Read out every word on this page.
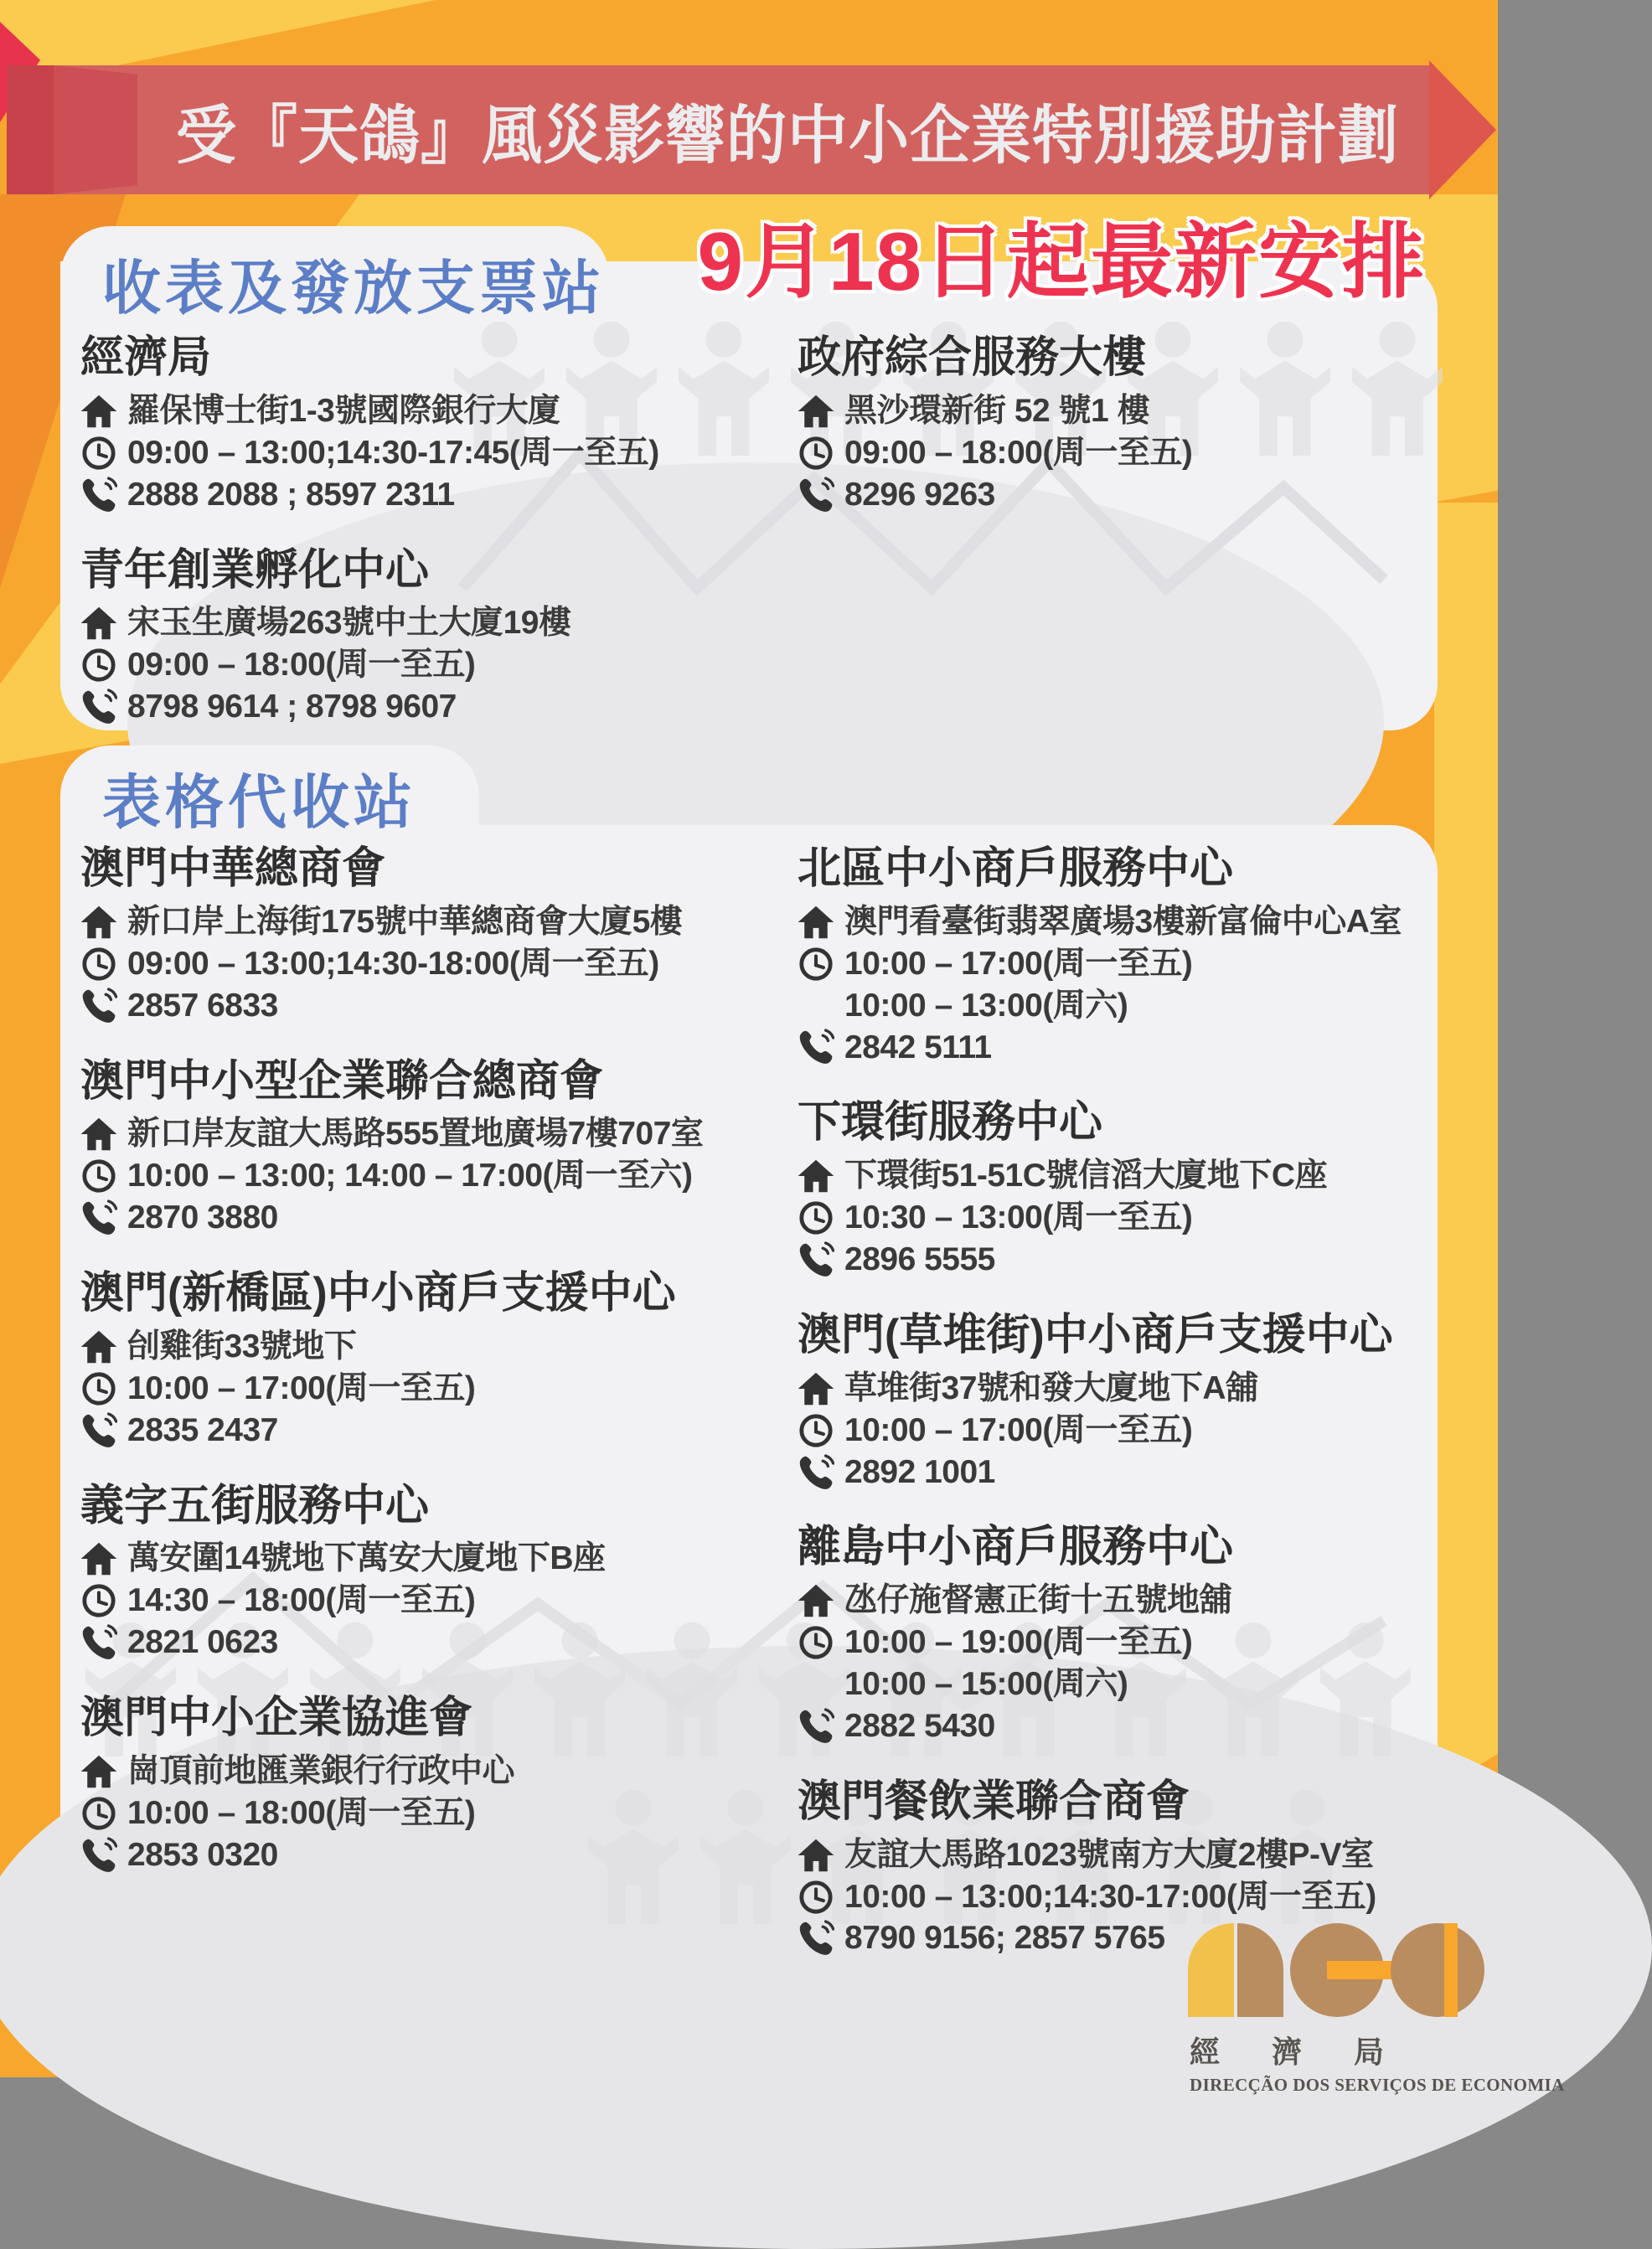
受『天鴿』風災影響的中小企業特別援助計劃
9月18日起最新安排
收表及發放支票站
表格代收站
經濟局
羅保博士街1-3號國際銀行大廈
09:00 – 13:00;14:30-17:45(周一至五)
2888 2088 ; 8597 2311
青年創業孵化中心
宋玉生廣場263號中土大廈19樓
09:00 – 18:00(周一至五)
8798 9614 ; 8798 9607
政府綜合服務大樓
黑沙環新街 52 號1 樓
09:00 – 18:00(周一至五)
8296 9263
澳門中華總商會
新口岸上海街175號中華總商會大廈5樓
09:00 – 13:00;14:30-18:00(周一至五)
2857 6833
澳門中小型企業聯合總商會
新口岸友誼大馬路555置地廣場7樓707室
10:00 – 13:00; 14:00 – 17:00(周一至六)
2870 3880
澳門(新橋區)中小商戶支援中心
刣雞街33號地下
10:00 – 17:00(周一至五)
2835 2437
義字五街服務中心
萬安圍14號地下萬安大廈地下B座
14:30 – 18:00(周一至五)
2821 0623
澳門中小企業協進會
崗頂前地匯業銀行行政中心
10:00 – 18:00(周一至五)
2853 0320
北區中小商戶服務中心
澳門看臺街翡翠廣場3樓新富倫中心A室
10:00 – 17:00(周一至五)
10:00 – 13:00(周六)
2842 5111
下環街服務中心
下環街51-51C號信滔大廈地下C座
10:30 – 13:00(周一至五)
2896 5555
澳門(草堆街)中小商戶支援中心
草堆街37號和發大廈地下A舖
10:00 – 17:00(周一至五)
2892 1001
離島中小商戶服務中心
氹仔施督憲正街十五號地舖
10:00 – 19:00(周一至五)
10:00 – 15:00(周六)
2882 5430
澳門餐飲業聯合商會
友誼大馬路1023號南方大廈2樓P-V室
10:00 – 13:00;14:30-17:00(周一至五)
8790 9156; 2857 5765
經濟局
DIRECÇÃO DOS SERVIÇOS DE ECONOMIA
